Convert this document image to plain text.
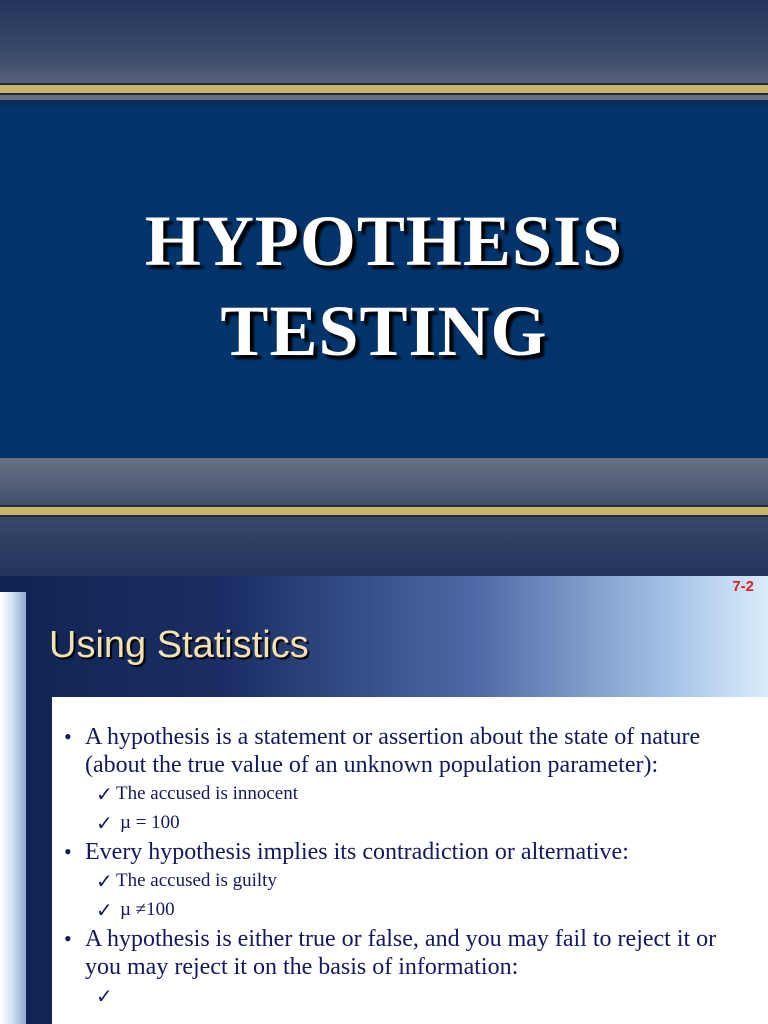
HYPOTHESIS TESTING
7-2
Using Statistics
• A hypothesis is a statement or assertion about the state of nature (about the true value of an unknown population parameter):
✓ The accused is innocent
✓ µ = 100
• Every hypothesis implies its contradiction or alternative:
✓ The accused is guilty
✓ µ ≠100
• A hypothesis is either true or false, and you may fail to reject it or you may reject it on the basis of information:
✓
